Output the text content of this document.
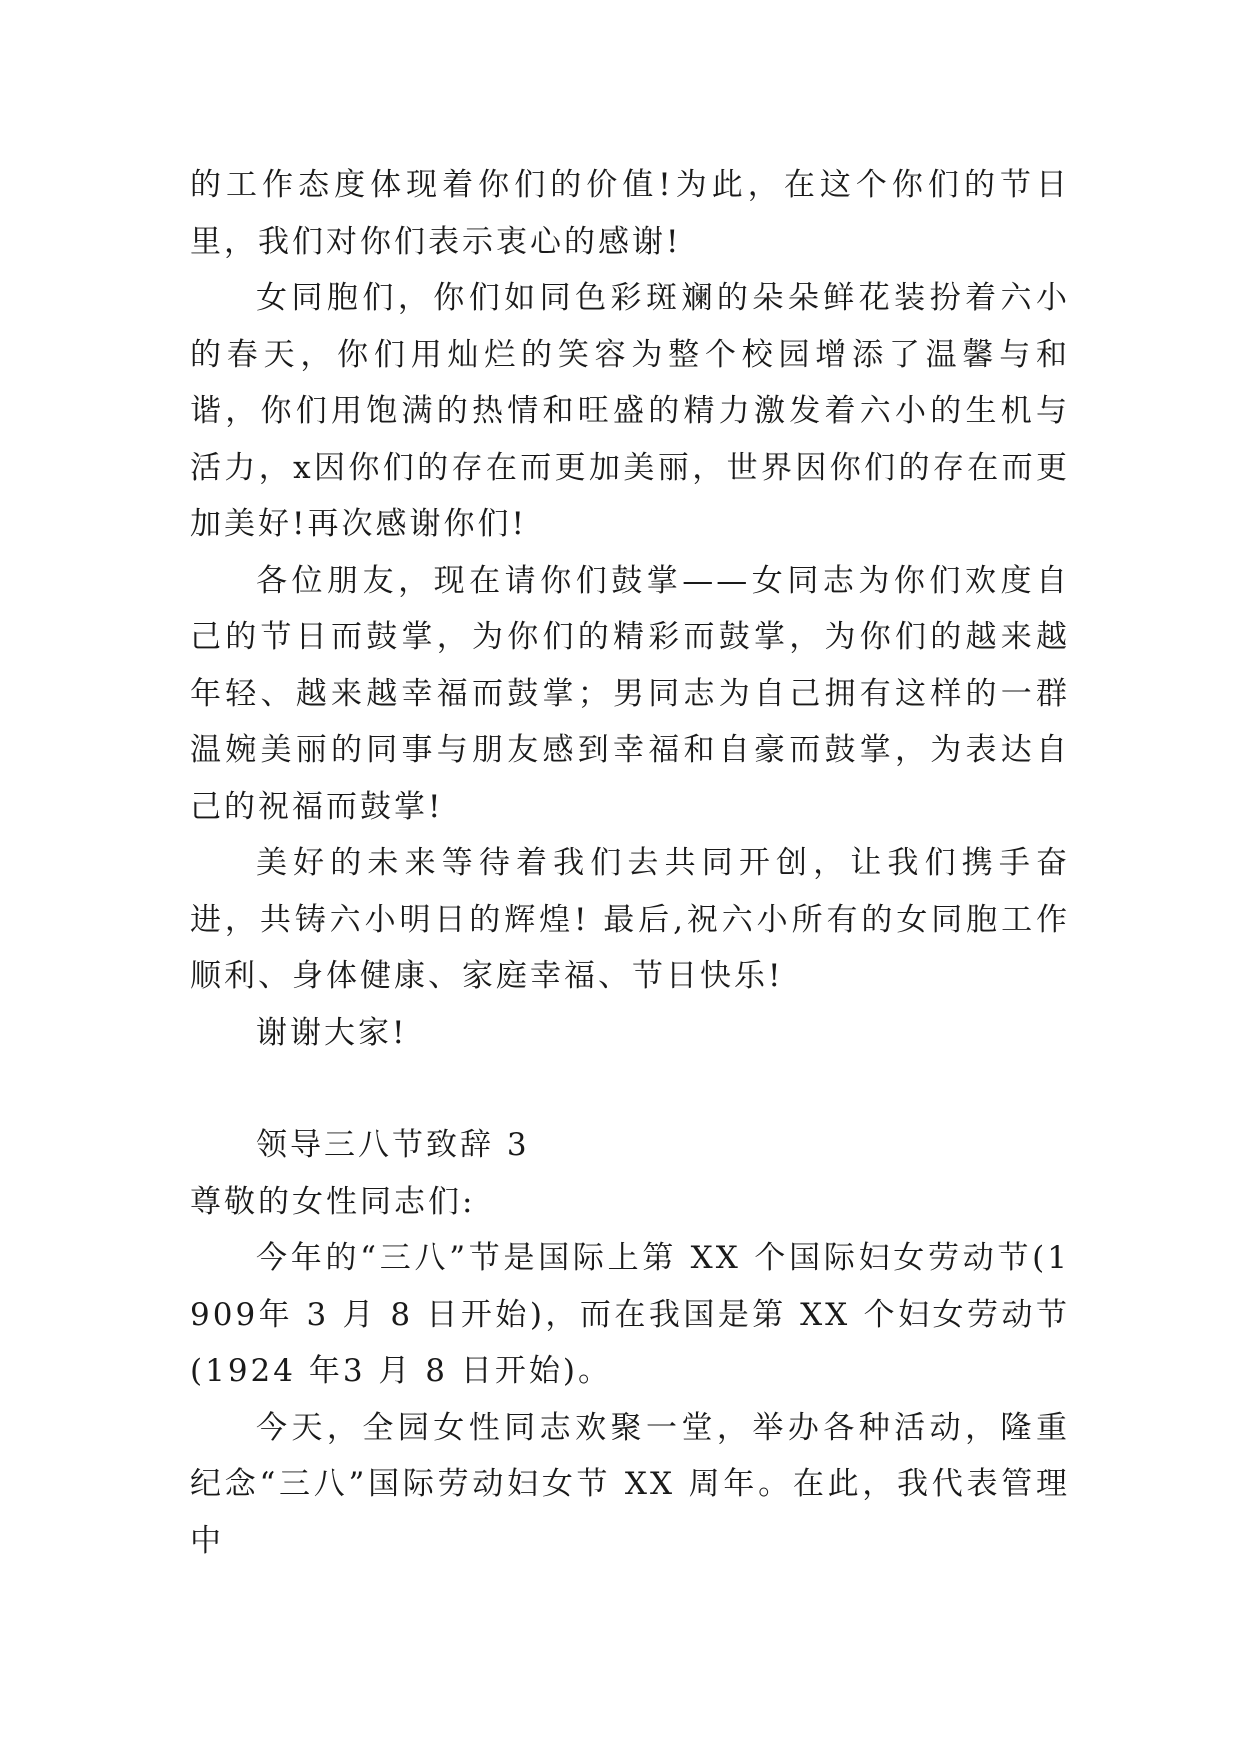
的工作态度体现着你们的价值!为此，在这个你们的节日里，我们对你们表示衷心的感谢!

女同胞们，你们如同色彩斑斓的朵朵鲜花装扮着六小的春天，你们用灿烂的笑容为整个校园增添了温馨与和谐，你们用饱满的热情和旺盛的精力激发着六小的生机与活力，x因你们的存在而更加美丽，世界因你们的存在而更加美好!再次感谢你们!

各位朋友，现在请你们鼓掌——女同志为你们欢度自己的节日而鼓掌，为你们的精彩而鼓掌，为你们的越来越年轻、越来越幸福而鼓掌；男同志为自己拥有这样的一群温婉美丽的同事与朋友感到幸福和自豪而鼓掌，为表达自己的祝福而鼓掌!

美好的未来等待着我们去共同开创，让我们携手奋进，共铸六小明日的辉煌! 最后,祝六小所有的女同胞工作顺利、身体健康、家庭幸福、节日快乐!

谢谢大家!

领导三八节致辞 3

尊敬的女性同志们:

今年的“三八”节是国际上第 XX 个国际妇女劳动节(1909年 3 月 8 日开始)，而在我国是第 XX 个妇女劳动节(1924 年3 月 8 日开始)。

今天，全园女性同志欢聚一堂，举办各种活动，隆重纪念“三八”国际劳动妇女节 XX 周年。在此，我代表管理中
